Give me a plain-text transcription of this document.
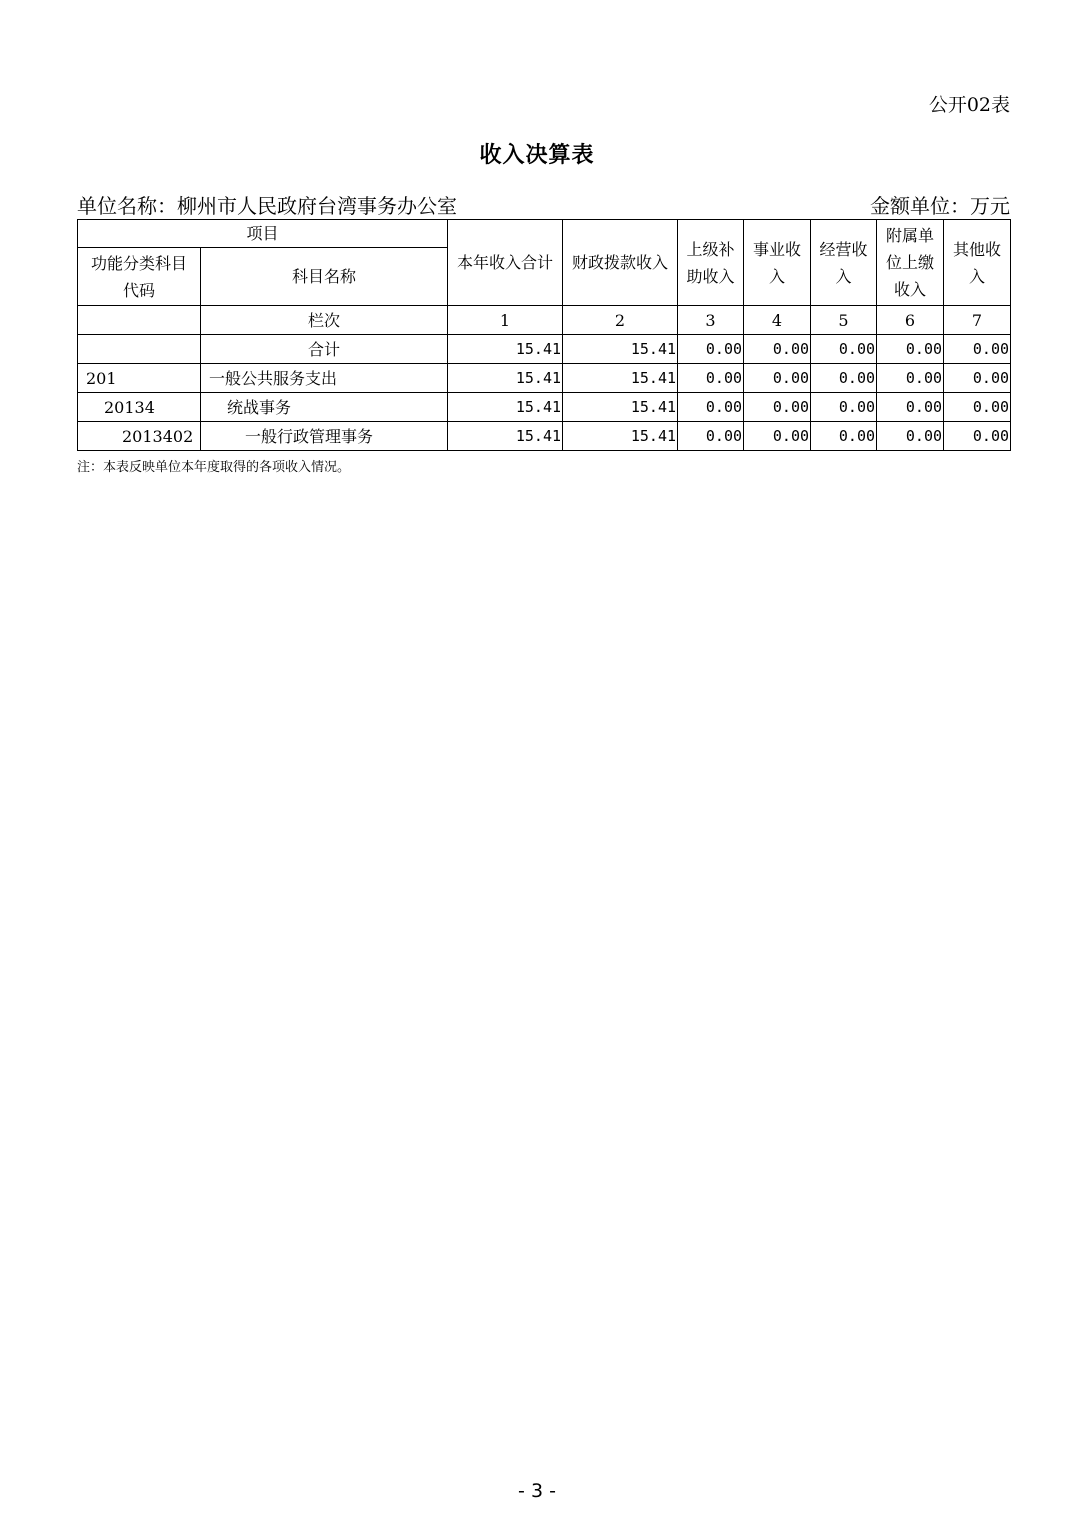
公开02表
收入决算表
单位名称：柳州市人民政府台湾事务办公室	金额单位：万元
项目		本年收入合计	财政拨款收入	上级补助收入	事业收入	经营收入	附属单位上缴收入	其他收入
功能分类科目代码	科目名称							
	栏次	1	2	3	4	5	6	7
	合计	15.41	15.41	0.00	0.00	0.00	0.00	0.00
201	一般公共服务支出	15.41	15.41	0.00	0.00	0.00	0.00	0.00
20134	统战事务	15.41	15.41	0.00	0.00	0.00	0.00	0.00
2013402	一般行政管理事务	15.41	15.41	0.00	0.00	0.00	0.00	0.00
注：本表反映单位本年度取得的各项收入情况。
- 3 -
